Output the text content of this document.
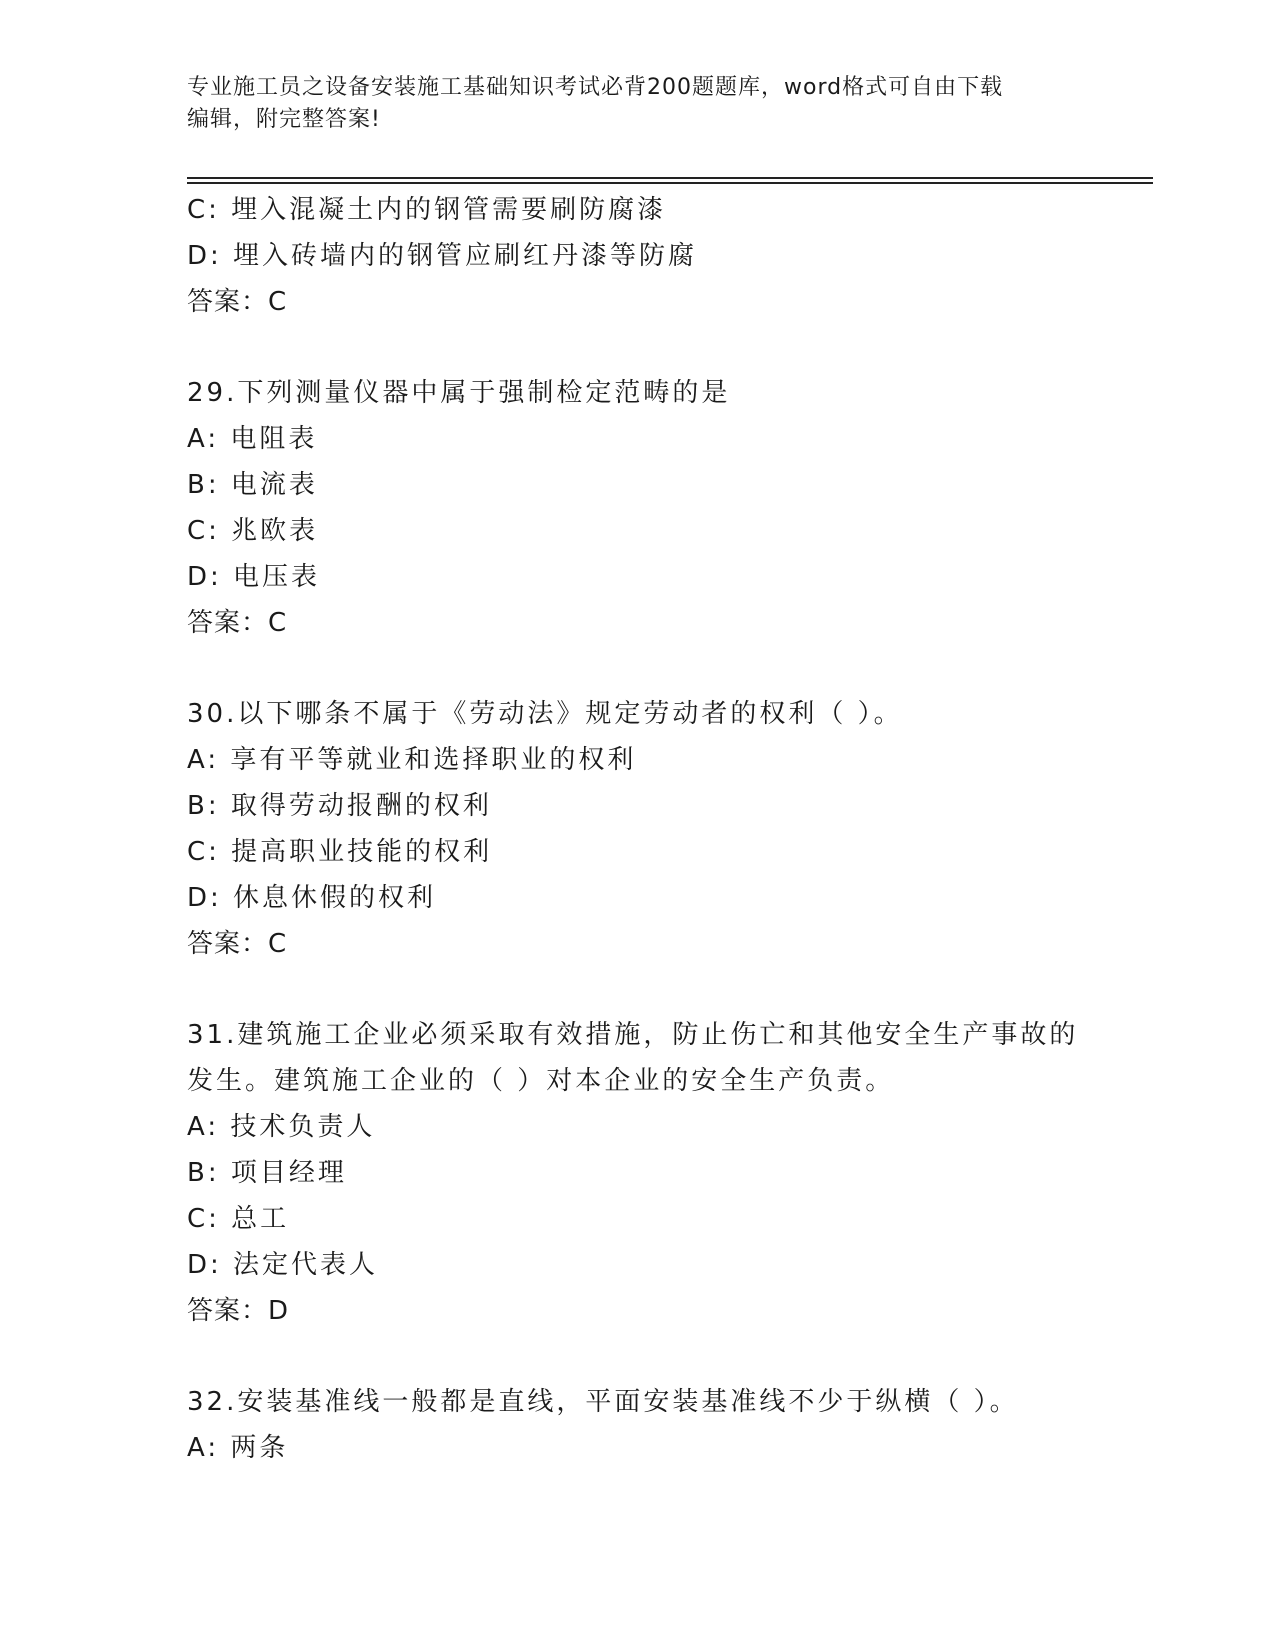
专业施工员之设备安装施工基础知识考试必背200题题库，word格式可自由下载
编辑，附完整答案!
C: 埋入混凝土内的钢管需要刷防腐漆
D: 埋入砖墙内的钢管应刷红丹漆等防腐
答案：C
29.下列测量仪器中属于强制检定范畴的是
A: 电阻表
B: 电流表
C: 兆欧表
D: 电压表
答案：C
30.以下哪条不属于《劳动法》规定劳动者的权利（ ）。
A: 享有平等就业和选择职业的权利
B: 取得劳动报酬的权利
C: 提高职业技能的权利
D: 休息休假的权利
答案：C
31.建筑施工企业必须采取有效措施，防止伤亡和其他安全生产事故的
发生。建筑施工企业的（ ）对本企业的安全生产负责。
A: 技术负责人
B: 项目经理
C: 总工
D: 法定代表人
答案：D
32.安装基准线一般都是直线，平面安装基准线不少于纵横（ ）。
A: 两条
